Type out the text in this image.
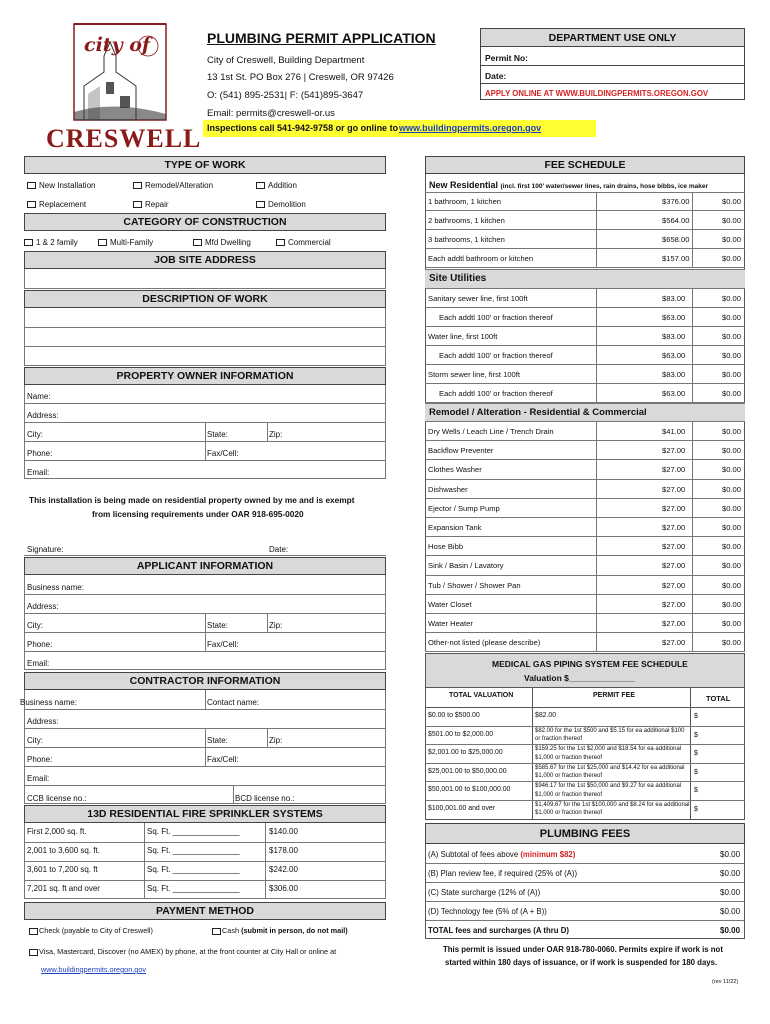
city of
CRESWELL
PLUMBING PERMIT APPLICATION
City of Creswell, Building Department
13 1st St. PO Box 276 | Creswell, OR 97426
O: (541) 895-2531| F: (541)895-3647
Email: permits@creswell-or.us
Inspections call 541-942-9758 or go online to www.buildingpermits.oregon.gov
DEPARTMENT USE ONLY
Permit No:
Date:
APPLY ONLINE AT WWW.BUILDINGPERMITS.OREGON.GOV
TYPE OF WORK
New Installation	Remodel/Alteration	Addition
Replacement	Repair	Demolition
CATEGORY OF CONSTRUCTION
1 & 2 family	Multi-Family	Mfd Dwelling	Commercial
JOB SITE ADDRESS
DESCRIPTION OF WORK
PROPERTY OWNER INFORMATION
Name:
Address:
City:	State:	Zip:
Phone:	Fax/Cell:
Email:
This installation is being made on residential property owned by me and is exempt
from licensing requirements under OAR 918-695-0020
Signature:	Date:
APPLICANT INFORMATION
Business name:
Address:
City:	State:	Zip:
Phone:	Fax/Cell:
Email:
CONTRACTOR INFORMATION
Business name:	Contact name:
Address:
City:	State:	Zip:
Phone:	Fax/Cell:
Email:
CCB license no.:	BCD license no.:
13D RESIDENTIAL FIRE SPRINKLER SYSTEMS
First 2,000 sq. ft.	Sq. Ft. _______________	$140.00
2,001 to 3,600 sq. ft.	Sq. Ft. _______________	$178.00
3,601 to 7,200 sq. ft	Sq. Ft. _______________	$242.00
7,201 sq. ft and over	Sq. Ft. _______________	$306.00
PAYMENT METHOD
Check (payable to City of Creswell)	Cash (submit in person, do not mail)
Visa, Mastercard, Discover (no AMEX) by phone, at the front counter at City Hall or online at
www.buildingpermits.oregon.gov
FEE SCHEDULE
New Residential (incl. first 100' water/sewer lines, rain drains, hose bibbs, ice maker
1 bathroom, 1 kitchen	$376.00	$0.00
2 bathrooms, 1 kitchen	$564.00	$0.00
3 bathrooms, 1 kitchen	$658.00	$0.00
Each addtl bathroom or kitchen	$157.00	$0.00
Site Utilities
Sanitary sewer line, first 100ft	$83.00	$0.00
Each addtl 100' or fraction thereof	$63.00	$0.00
Water line, first 100ft	$83.00	$0.00
Each addtl 100' or fraction thereof	$63.00	$0.00
Storm sewer line, first 100ft	$83.00	$0.00
Each addtl 100' or fraction thereof	$63.00	$0.00
Remodel / Alteration - Residential & Commercial
Dry Wells / Leach Line / Trench Drain	$41.00	$0.00
Backflow Preventer	$27.00	$0.00
Clothes Washer	$27.00	$0.00
Dishwasher	$27.00	$0.00
Ejector / Sump Pump	$27.00	$0.00
Expansion Tank	$27.00	$0.00
Hose Bibb	$27.00	$0.00
Sink / Basin / Lavatory	$27.00	$0.00
Tub / Shower / Shower Pan	$27.00	$0.00
Water Closet	$27.00	$0.00
Water Heater	$27.00	$0.00
Other-not listed (please describe)	$27.00	$0.00
MEDICAL GAS PIPING SYSTEM FEE SCHEDULE
Valuation $______________
TOTAL VALUATION	PERMIT FEE	TOTAL
$0.00 to $500.00	$82.00	$
$501.00 to $2,000.00	$82.00 for the 1st $500 and $5.15 for ea additional $100 or fraction thereof
$
$2,001.00 to $25,000.00	$159.25 for the 1st $2,000 and $18.54 for ea additional $1,000 or fraction thereof
$
$25,001.00 to $50,000.00	$585.67 for the 1st $25,000 and $14.42 for ea additional $1,000 or fraction thereof
$
$50,001.00 to $100,000.00	$946.17 for the 1st $50,000 and $9.27 for ea additional $1,000 or fraction thereof
$
$100,001.00 and over	$1,409.67 for the 1st $100,000 and $8.24 for ea additional $1,000 or fraction thereof
$
PLUMBING FEES
(A) Subtotal of fees above (minimum $82)	$0.00
(B) Plan review fee, if required (25% of (A))	$0.00
(C) State surcharge (12% of (A))	$0.00
(D) Technology fee (5% of (A + B))	$0.00
TOTAL fees and surcharges (A thru D)	$0.00
This permit is issued under OAR 918-780-0060. Permits expire if work is not
started within 180 days of issuance, or if work is suspended for 180 days.
(rev 11/22)
